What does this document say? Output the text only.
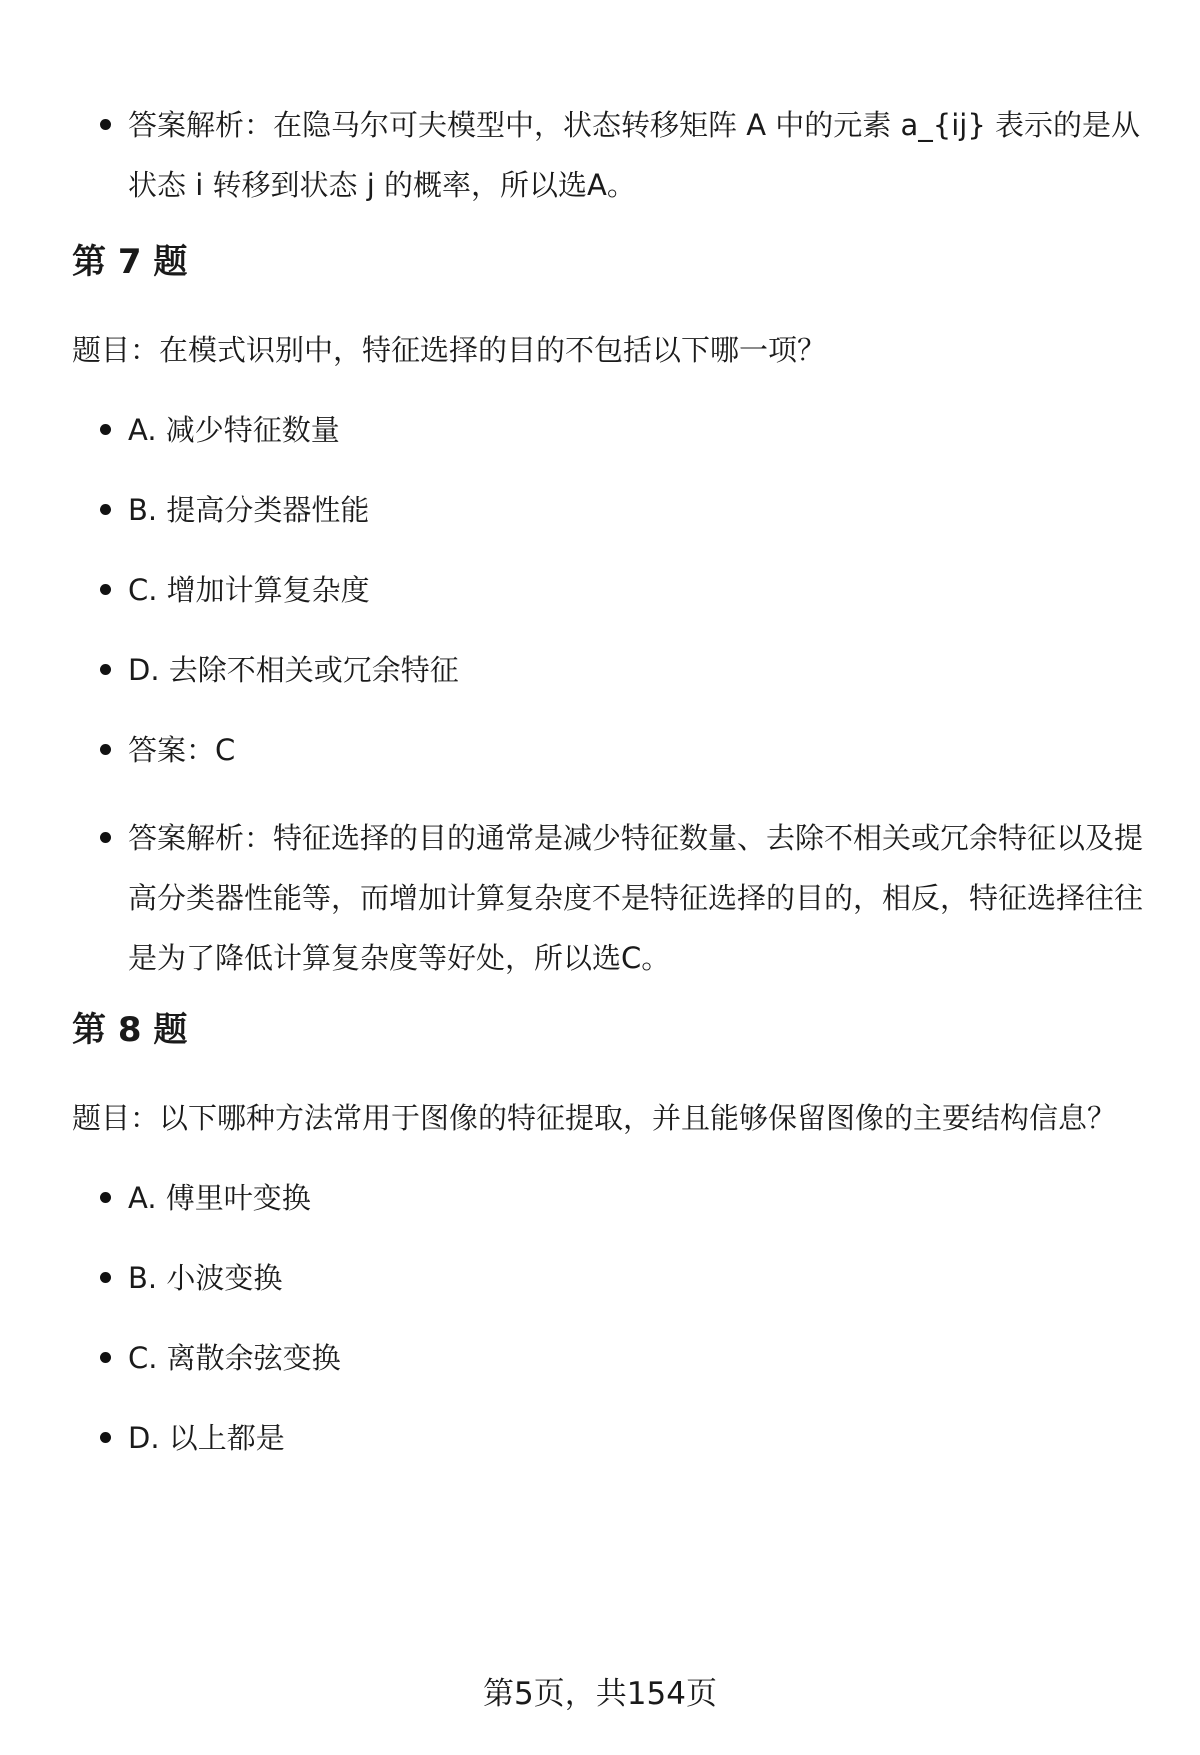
答案解析：在隐马尔可夫模型中，状态转移矩阵 A 中的元素 a_{ij} 表示的是从状态 i 转移到状态 j 的概率，所以选A。
第 7 题
题目：在模式识别中，特征选择的目的不包括以下哪一项？
A. 减少特征数量
B. 提高分类器性能
C. 增加计算复杂度
D. 去除不相关或冗余特征
答案：C
答案解析：特征选择的目的通常是减少特征数量、去除不相关或冗余特征以及提高分类器性能等，而增加计算复杂度不是特征选择的目的，相反，特征选择往往是为了降低计算复杂度等好处，所以选C。
第 8 题
题目：以下哪种方法常用于图像的特征提取，并且能够保留图像的主要结构信息？
A. 傅里叶变换
B. 小波变换
C. 离散余弦变换
D. 以上都是
第5页，共154页
